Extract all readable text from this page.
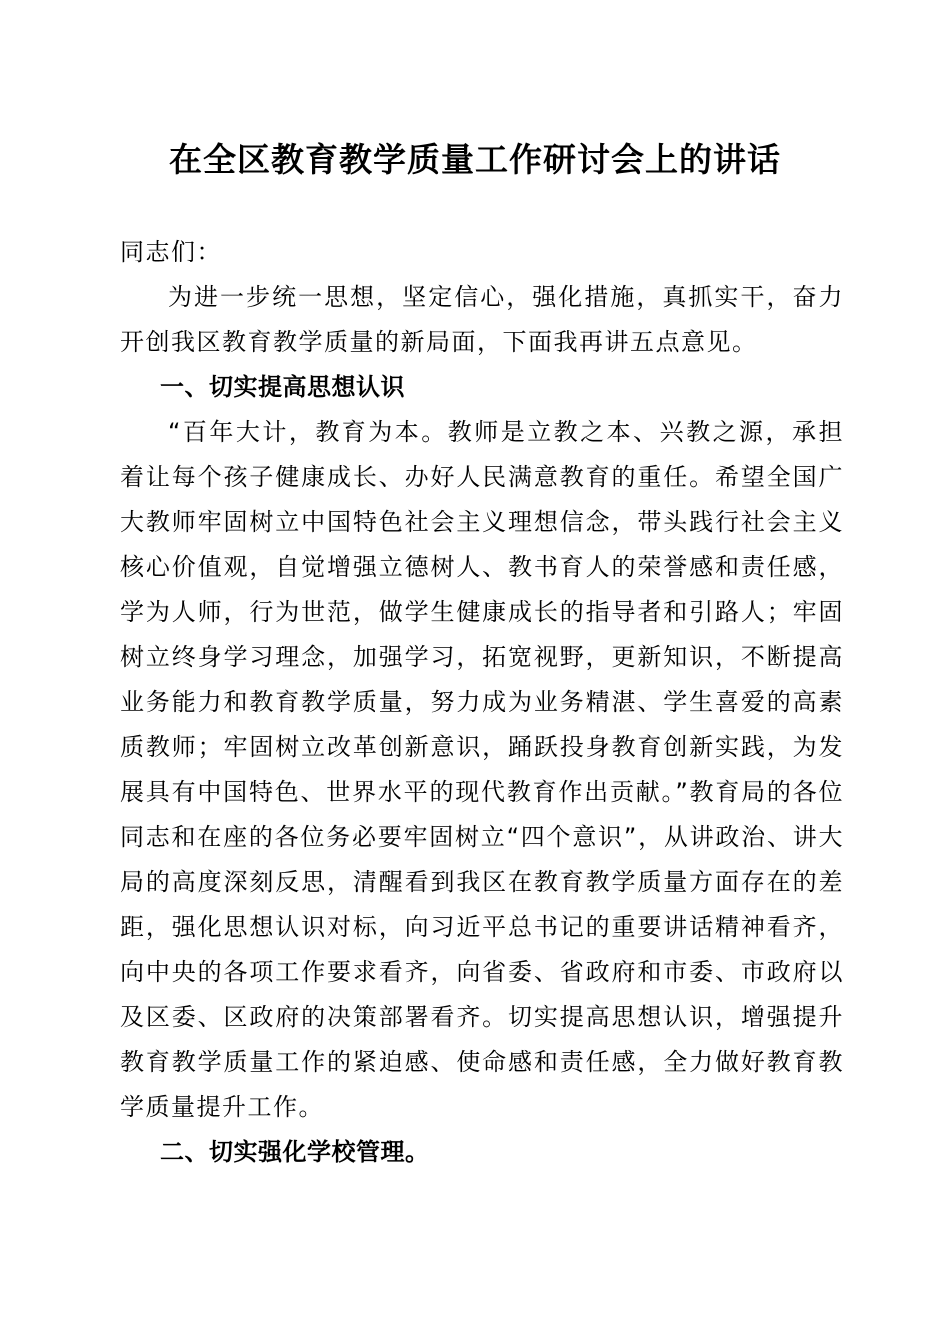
在全区教育教学质量工作研讨会上的讲话

同志们：

为进一步统一思想，坚定信心，强化措施，真抓实干，奋力开创我区教育教学质量的新局面，下面我再讲五点意见。

一、切实提高思想认识

“百年大计，教育为本。教师是立教之本、兴教之源，承担着让每个孩子健康成长、办好人民满意教育的重任。希望全国广大教师牢固树立中国特色社会主义理想信念，带头践行社会主义核心价值观，自觉增强立德树人、教书育人的荣誉感和责任感，学为人师，行为世范，做学生健康成长的指导者和引路人；牢固树立终身学习理念，加强学习，拓宽视野，更新知识，不断提高业务能力和教育教学质量，努力成为业务精湛、学生喜爱的高素质教师；牢固树立改革创新意识，踊跃投身教育创新实践，为发展具有中国特色、世界水平的现代教育作出贡献。”教育局的各位同志和在座的各位务必要牢固树立“四个意识”，从讲政治、讲大局的高度深刻反思，清醒看到我区在教育教学质量方面存在的差距，强化思想认识对标，向习近平总书记的重要讲话精神看齐，向中央的各项工作要求看齐，向省委、省政府和市委、市政府以及区委、区政府的决策部署看齐。切实提高思想认识，增强提升教育教学质量工作的紧迫感、使命感和责任感，全力做好教育教学质量提升工作。

二、切实强化学校管理。
